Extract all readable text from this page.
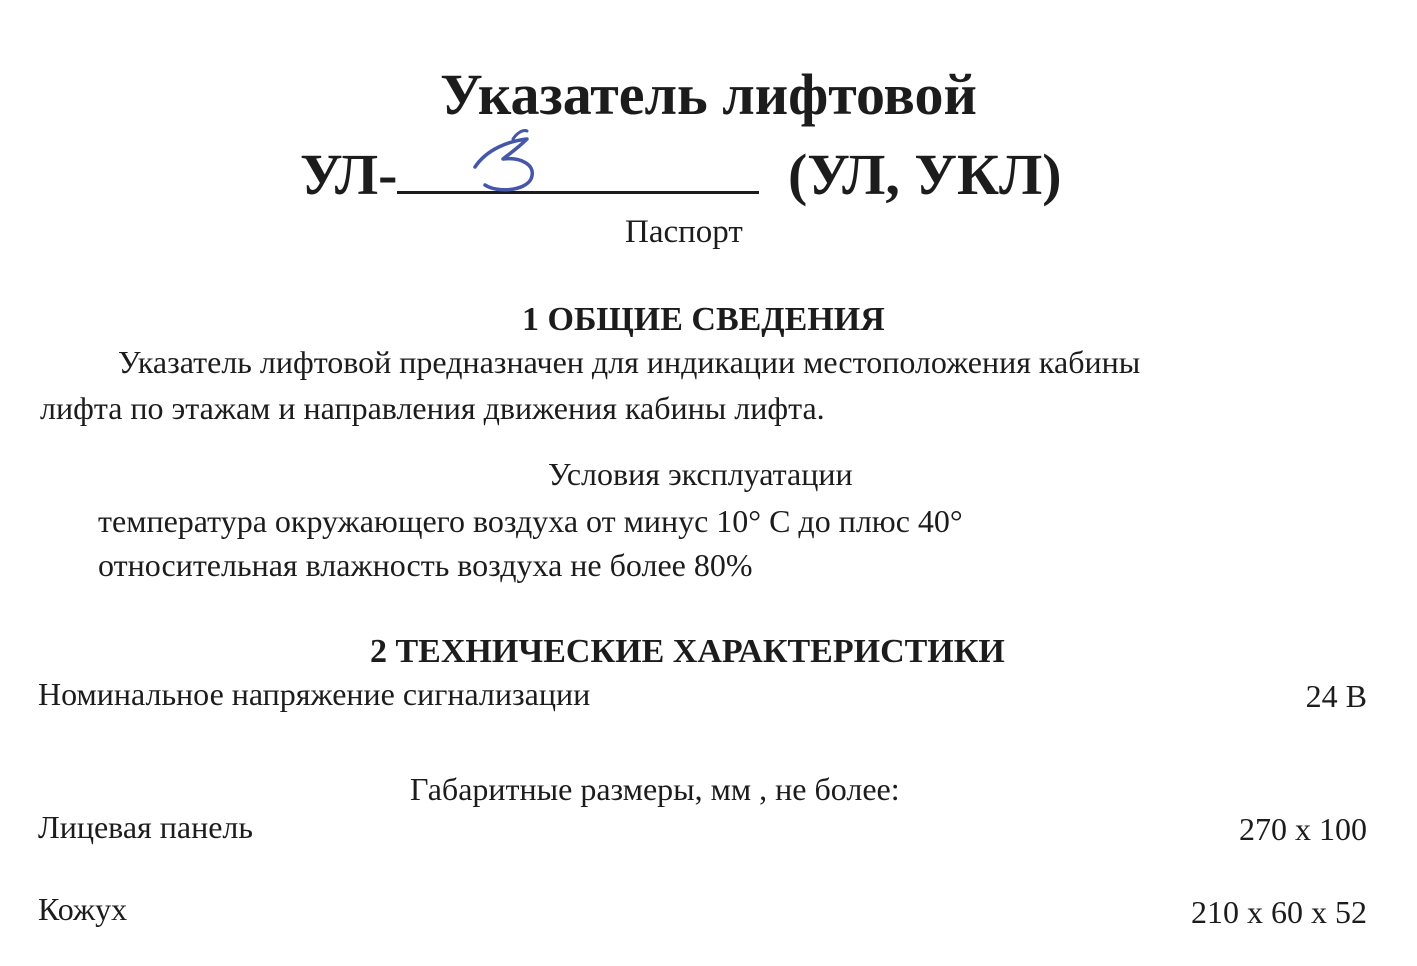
Указатель лифтовой
УЛ-	(УЛ, УКЛ)
Паспорт
1 ОБЩИЕ СВЕДЕНИЯ
Указатель лифтовой предназначен для индикации местоположения кабины
лифта по этажам и направления движения кабины лифта.
Условия эксплуатации
температура окружающего воздуха от минус 10° С до плюс 40°
относительная влажность воздуха не более 80%
2 ТЕХНИЧЕСКИЕ ХАРАКТЕРИСТИКИ
Номинальное напряжение сигнализации	24 В
Габаритные размеры, мм , не более:
Лицевая панель	270 х 100
Кожух	210 х 60 х 52
